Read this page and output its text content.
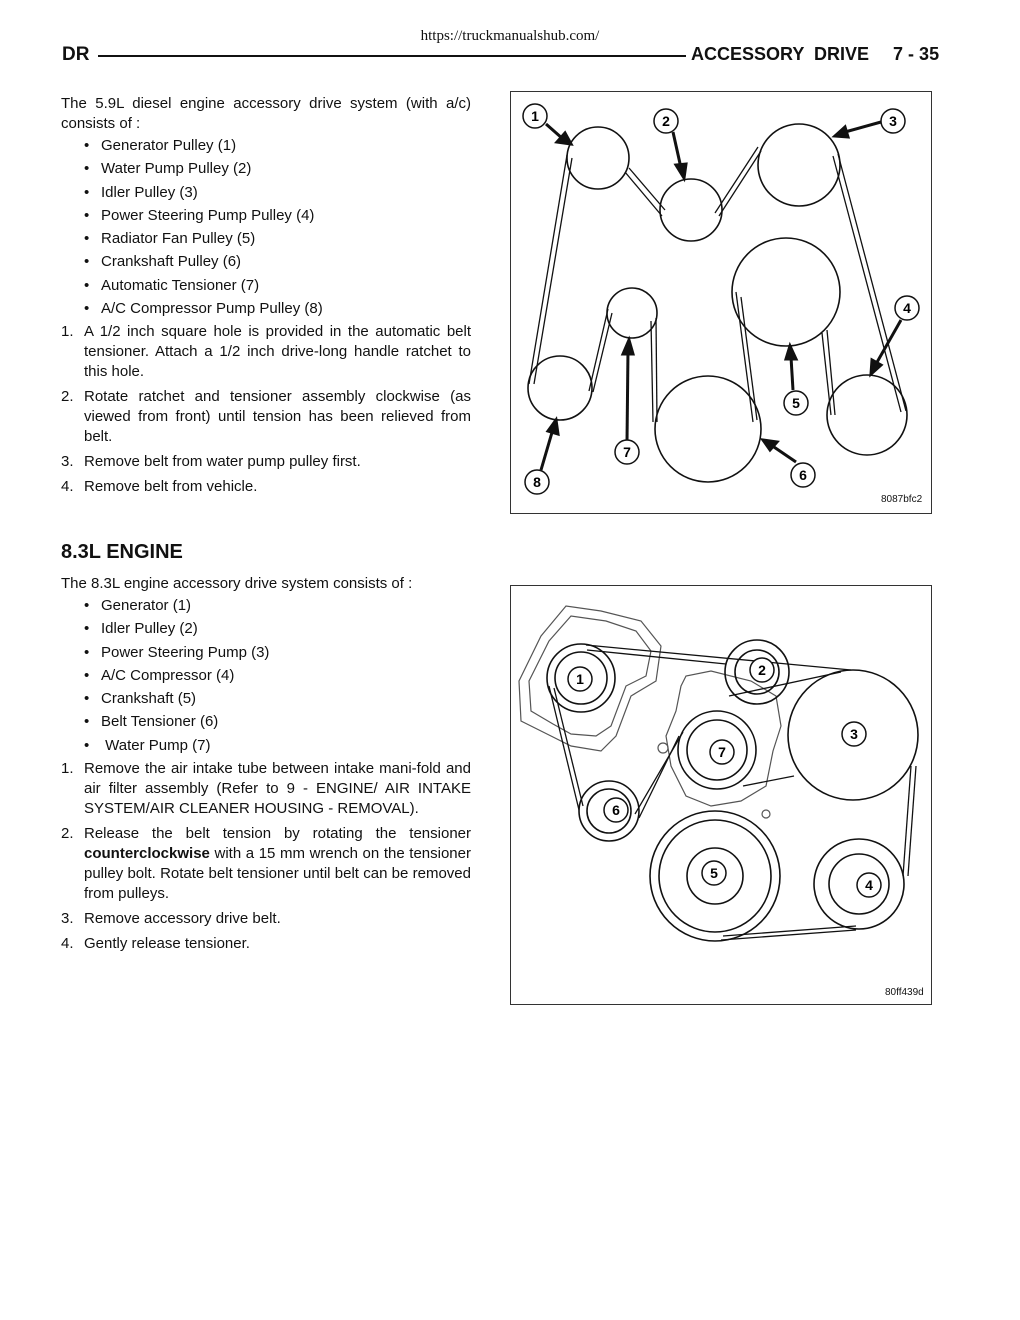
https://truckmanualshub.com/
DR	ACCESSORY  DRIVE 7 - 35

The 5.9L diesel engine accessory drive system (with a/c) consists of :

• Generator Pulley (1)
• Water Pump Pulley (2)
• Idler Pulley (3)
• Power Steering Pump Pulley (4)
• Radiator Fan Pulley (5)
• Crankshaft Pulley (6)
• Automatic Tensioner (7)
• A/C Compressor Pump Pulley (8)
1. A 1/2 inch square hole is provided in the automatic belt tensioner. Attach a 1/2 inch drive-long handle ratchet to this hole.
2. Rotate ratchet and tensioner assembly clockwise (as viewed from front) until tension has been relieved from belt.
3. Remove belt from water pump pulley first.
4. Remove belt from vehicle.
8.3L ENGINE

The 8.3L engine accessory drive system consists of :

• Generator (1)
• Idler Pulley (2)
• Power Steering Pump (3)
• A/C Compressor (4)
• Crankshaft (5)
• Belt Tensioner (6)
• Water Pump (7)
1. Remove the air intake tube between intake mani-fold and air filter assembly (Refer to 9 - ENGINE/ AIR INTAKE SYSTEM/AIR CLEANER HOUSING - REMOVAL).
2. Release the belt tension by rotating the tensioner counterclockwise with a 15 mm wrench on the tensioner pulley bolt. Rotate belt tensioner until belt can be removed from pulleys.
3. Remove accessory drive belt.
4. Gently release tensioner.
1	2	3
4
5
6
7
8
8087bfc2
1
2
3
4
5
6
7
80ff439d
